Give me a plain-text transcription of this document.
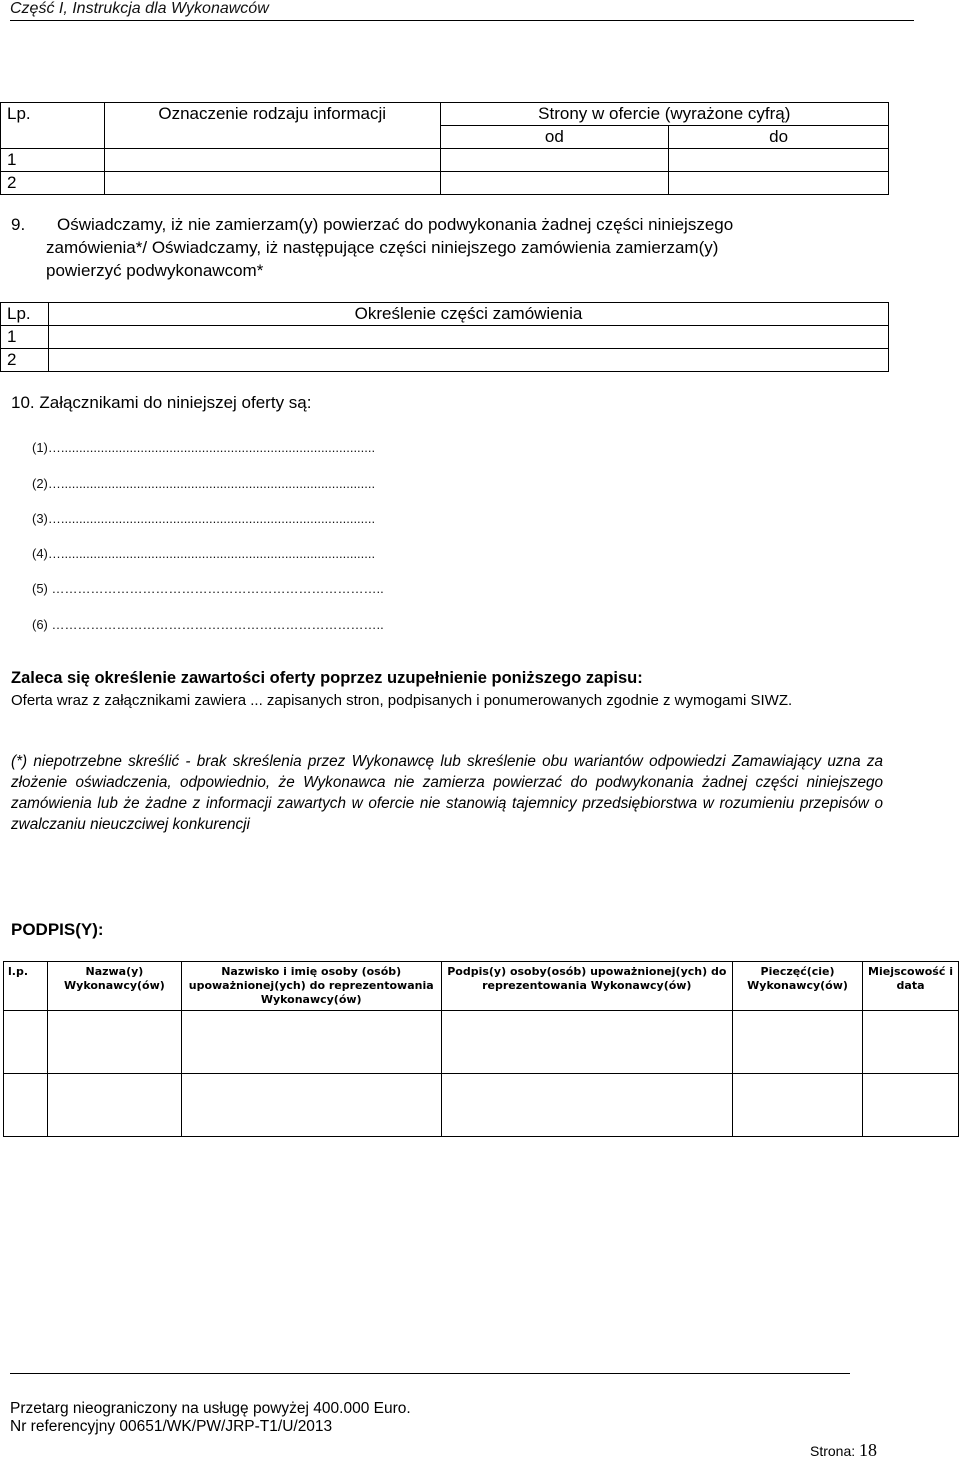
Część I, Instrukcja dla Wykonawców
Lp.	Oznaczenie rodzaju informacji	Strony w ofercie (wyrażone cyfrą)	
		od	do
1			
2			
9. Oświadczamy, iż nie zamierzam(y) powierzać do podwykonania żadnej części niniejszego
zamówienia*/ Oświadczamy, iż następujące części niniejszego zamówienia zamierzam(y)
powierzyć podwykonawcom*
Lp.	Określenie części zamówienia
1	
2	
10. Załącznikami do niniejszej oferty są:
(1)….......................................................................................
(2)….......................................................................................
(3)….......................................................................................
(4)….......................................................................................
(5) …………………………………………………………………..
(6) …………………………………………………………………..
Zaleca się określenie zawartości oferty poprzez uzupełnienie poniższego zapisu:
Oferta wraz z załącznikami zawiera ... zapisanych stron, podpisanych i ponumerowanych zgodnie z wymogami SIWZ.
(*) niepotrzebne skreślić - brak skreślenia przez Wykonawcę lub skreślenie obu wariantów odpowiedzi Zamawiający uzna za złożenie oświadczenia, odpowiednio, że Wykonawca nie zamierza powierzać do podwykonania żadnej części niniejszego zamówienia lub że żadne z informacji zawartych w ofercie nie stanowią tajemnicy przedsiębiorstwa w rozumieniu przepisów o zwalczaniu nieuczciwej konkurencji
PODPIS(Y):
l.p.	Nazwa(y) Wykonawcy(ów)	Nazwisko i imię osoby (osób) upoważnionej(ych) do reprezentowania Wykonawcy(ów)	Podpis(y) osoby(osób) upoważnionej(ych) do reprezentowania Wykonawcy(ów)	Pieczęć(cie) Wykonawcy(ów)	Miejscowość i data

Przetarg nieograniczony na usługę powyżej 400.000 Euro.
Nr referencyjny 00651/WK/PW/JRP-T1/U/2013
Strona: 18
